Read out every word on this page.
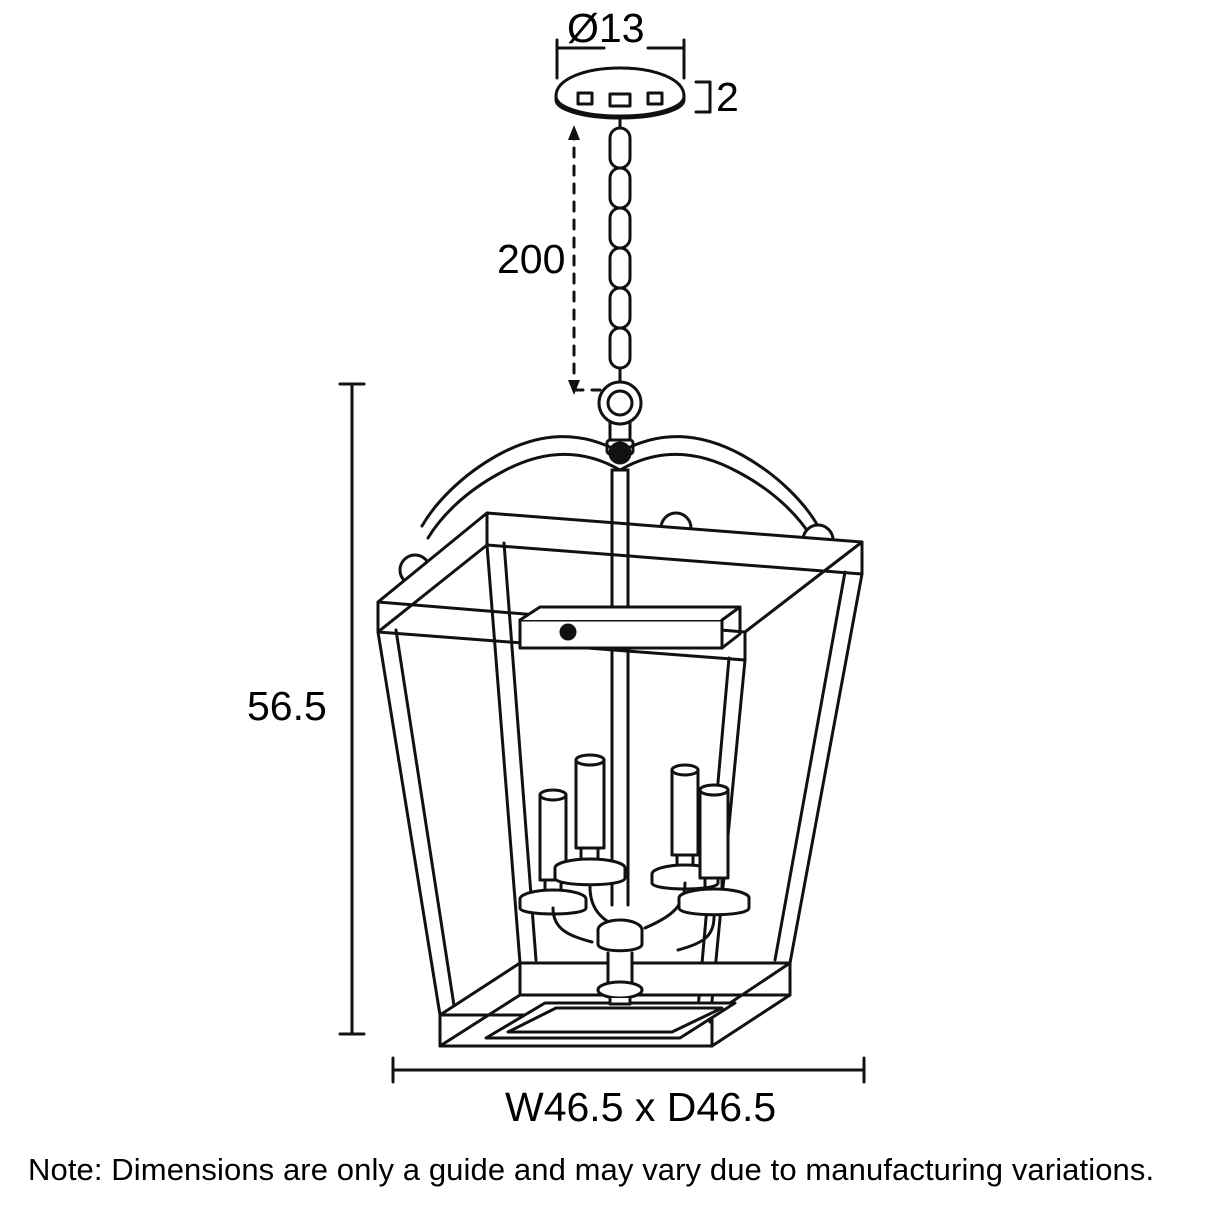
Ø13
2
200
56.5
W46.5 x D46.5
Note: Dimensions are only a guide and may vary due to manufacturing variations.
